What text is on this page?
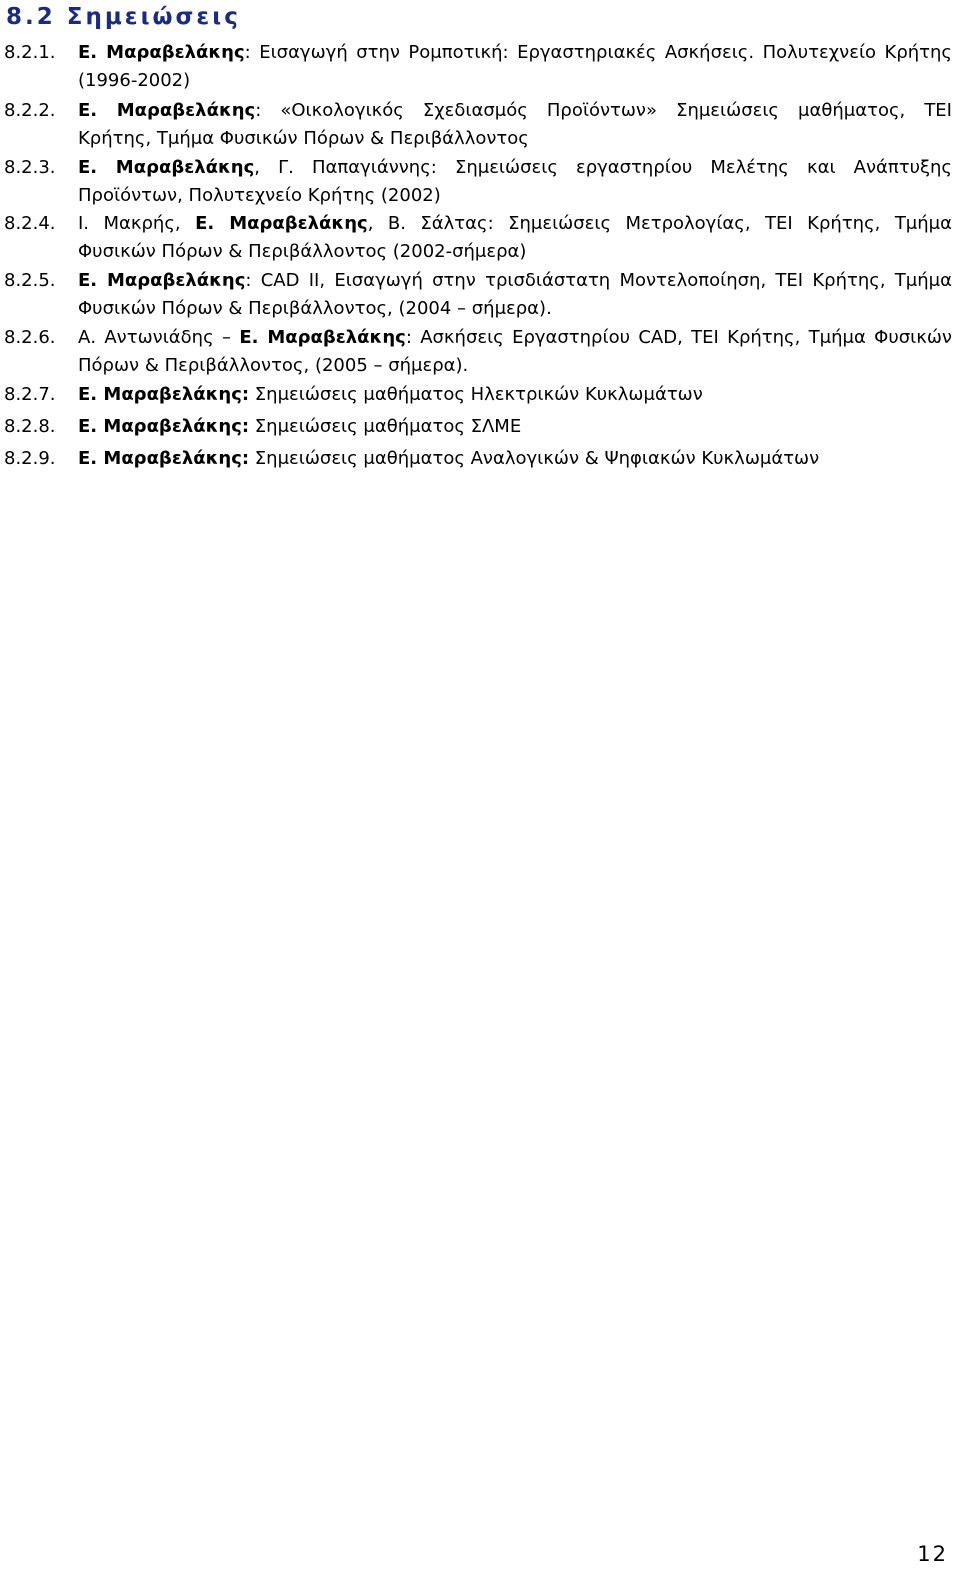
8.2 Σημειώσεις
8.2.1. Ε. Μαραβελάκης: Εισαγωγή στην Ρομποτική: Εργαστηριακές Ασκήσεις. Πολυτεχνείο Κρήτης
(1996-2002)
8.2.2. Ε. Μαραβελάκης: «Οικολογικός Σχεδιασμός Προϊόντων» Σημειώσεις μαθήματος, ΤΕΙ
Κρήτης, Τμήμα Φυσικών Πόρων & Περιβάλλοντος
8.2.3. Ε. Μαραβελάκης, Γ. Παπαγιάννης: Σημειώσεις εργαστηρίου Μελέτης και Ανάπτυξης
Προϊόντων, Πολυτεχνείο Κρήτης (2002)
8.2.4. Ι. Μακρής, Ε. Μαραβελάκης, Β. Σάλτας: Σημειώσεις Μετρολογίας, ΤΕΙ Κρήτης, Τμήμα
Φυσικών Πόρων & Περιβάλλοντος (2002-σήμερα)
8.2.5. Ε. Μαραβελάκης: CAD II, Εισαγωγή στην τρισδιάστατη Μοντελοποίηση, ΤΕΙ Κρήτης, Τμήμα
Φυσικών Πόρων & Περιβάλλοντος, (2004 – σήμερα).
8.2.6. Α. Αντωνιάδης – Ε. Μαραβελάκης: Ασκήσεις Εργαστηρίου CAD, ΤΕΙ Κρήτης, Τμήμα Φυσικών
Πόρων & Περιβάλλοντος, (2005 – σήμερα).
8.2.7. Ε. Μαραβελάκης: Σημειώσεις μαθήματος Ηλεκτρικών Κυκλωμάτων
8.2.8. Ε. Μαραβελάκης: Σημειώσεις μαθήματος ΣΛΜΕ
8.2.9. Ε. Μαραβελάκης: Σημειώσεις μαθήματος Αναλογικών & Ψηφιακών Κυκλωμάτων
12
